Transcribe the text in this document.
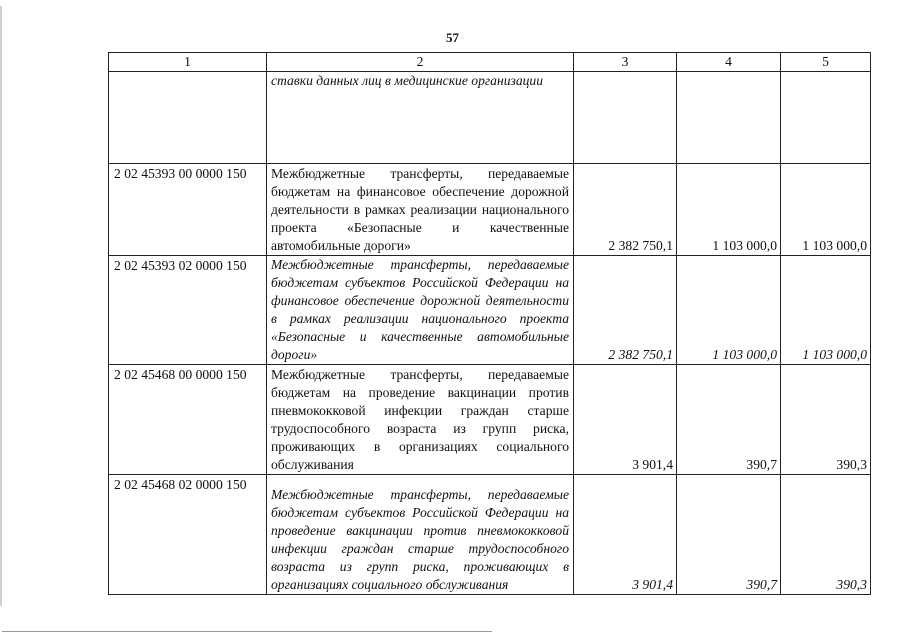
57
1	2	3	4	5
	ставки данных лиц в медицинские организации			
2 02 45393 00 0000 150	Межбюджетные трансферты, передаваемые бюджетам на финансовое обеспечение дорожной деятельности в рамках реализации национального проекта «Безопасные и качественные автомобильные дороги»	2 382 750,1	1 103 000,0	1 103 000,0
2 02 45393 02 0000 150	Межбюджетные трансферты, передаваемые бюджетам субъектов Российской Федерации на финансовое обеспечение дорожной деятельности в рамках реализации национального проекта «Безопасные и качественные автомобильные дороги»	2 382 750,1	1 103 000,0	1 103 000,0
2 02 45468 00 0000 150	Межбюджетные трансферты, передаваемые бюджетам на проведение вакцинации против пневмококковой инфекции граждан старше трудоспособного возраста из групп риска, проживающих в организациях социального обслуживания	3 901,4	390,7	390,3
2 02 45468 02 0000 150	Межбюджетные трансферты, передаваемые бюджетам субъектов Российской Федерации на проведение вакцинации против пневмококковой инфекции граждан старше трудоспособного возраста из групп риска, проживающих в организациях социального обслуживания	3 901,4	390,7	390,3
